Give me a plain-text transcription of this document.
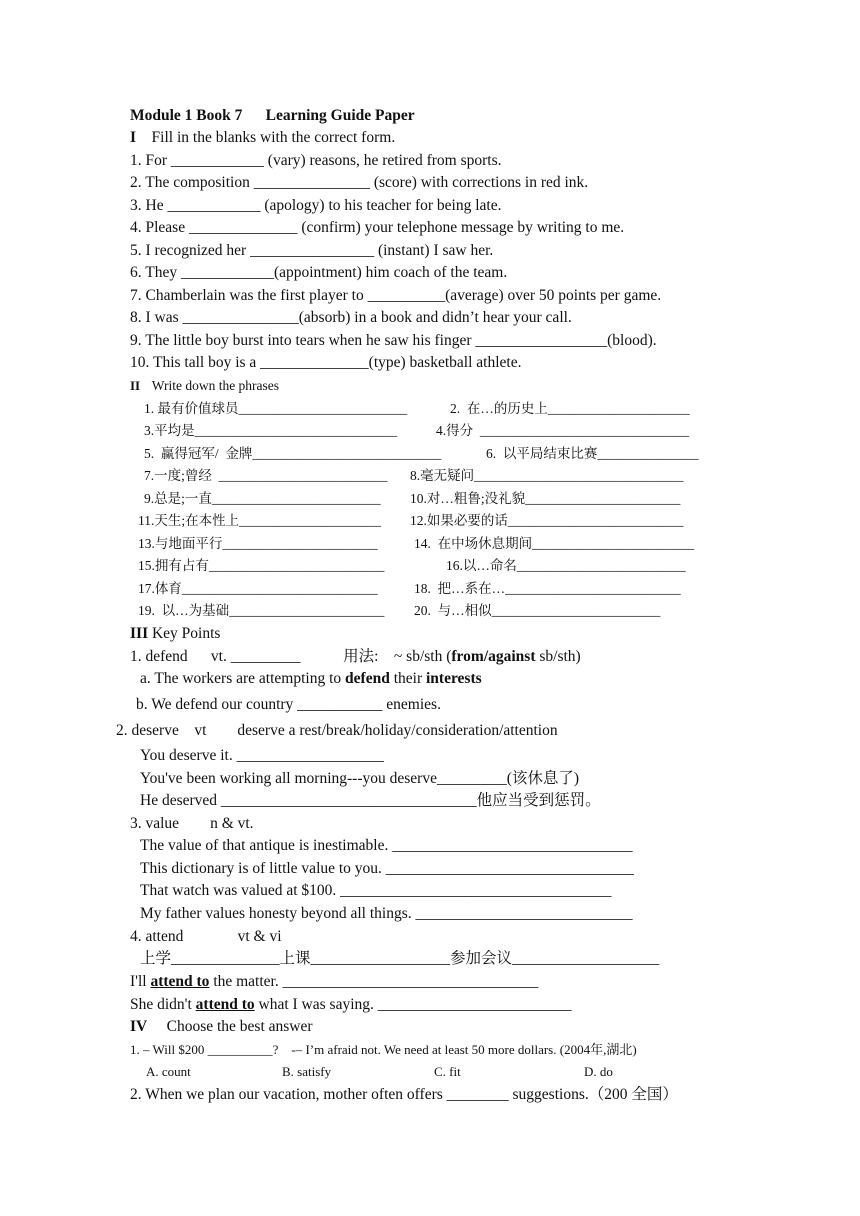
Module 1 Book 7      Learning Guide Paper
I Fill in the blanks with the correct form.
1. For ____________ (vary) reasons, he retired from sports.
2. The composition _______________ (score) with corrections in red ink.
3. He ____________ (apology) to his teacher for being late.
4. Please ______________ (confirm) your telephone message by writing to me.
5. I recognized her ________________ (instant) I saw her.
6. They ____________(appointment) him coach of the team.
7. Chamberlain was the first player to __________(average) over 50 points per game.
8. I was _______________(absorb) in a book and didn’t hear your call.
9. The little boy burst into tears when he saw his finger _________________(blood).
10. This tall boy is a ______________(type) basketball athlete.
II Write down the phrases
1. 最有价值球员_________________________	2.  在…的历史上_____________________
3.平均是______________________________	4.得分  _______________________________
5.  赢得冠军/  金牌____________________________	6.  以平局结束比赛_______________
7.一度;曾经  _________________________ 8.毫无疑问_______________________________
9.总是;一直_________________________ 10.对…粗鲁;没礼貌_______________________
11.天生;在本性上_____________________ 12.如果必要的话__________________________
13.与地面平行_______________________	14.  在中场休息期间________________________
15.拥有占有__________________________	16.以…命名_________________________
17.体育_____________________________	18.  把…系在…__________________________
19.  以…为基础_______________________ 20.  与…相似_________________________
III Key Points
1. defend      vt. _________           用法:    ~ sb/sth (from/against sb/sth)
a. The workers are attempting to defend their interests
b. We defend our country ___________ enemies.
2. deserve    vt        deserve a rest/break/holiday/consideration/attention
You deserve it. ___________________
You've been working all morning---you deserve_________(该休息了)
He deserved _________________________________他应当受到惩罚。
3. value        n & vt.
The value of that antique is inestimable. _______________________________
This dictionary is of little value to you. ________________________________
That watch was valued at $100. ___________________________________
My father values honesty beyond all things. ____________________________
4. attend              vt & vi
上学______________上课__________________参加会议___________________
I'll attend to the matter. _________________________________
She didn't attend to what I was saying. _________________________
IV Choose the best answer
1. – Will $200 __________?    -– I’m afraid not. We need at least 50 more dollars. (2004年,湖北)
A. count	B. satisfy	C. fit	D. do
2. When we plan our vacation, mother often offers ________ suggestions.（200 全国）
